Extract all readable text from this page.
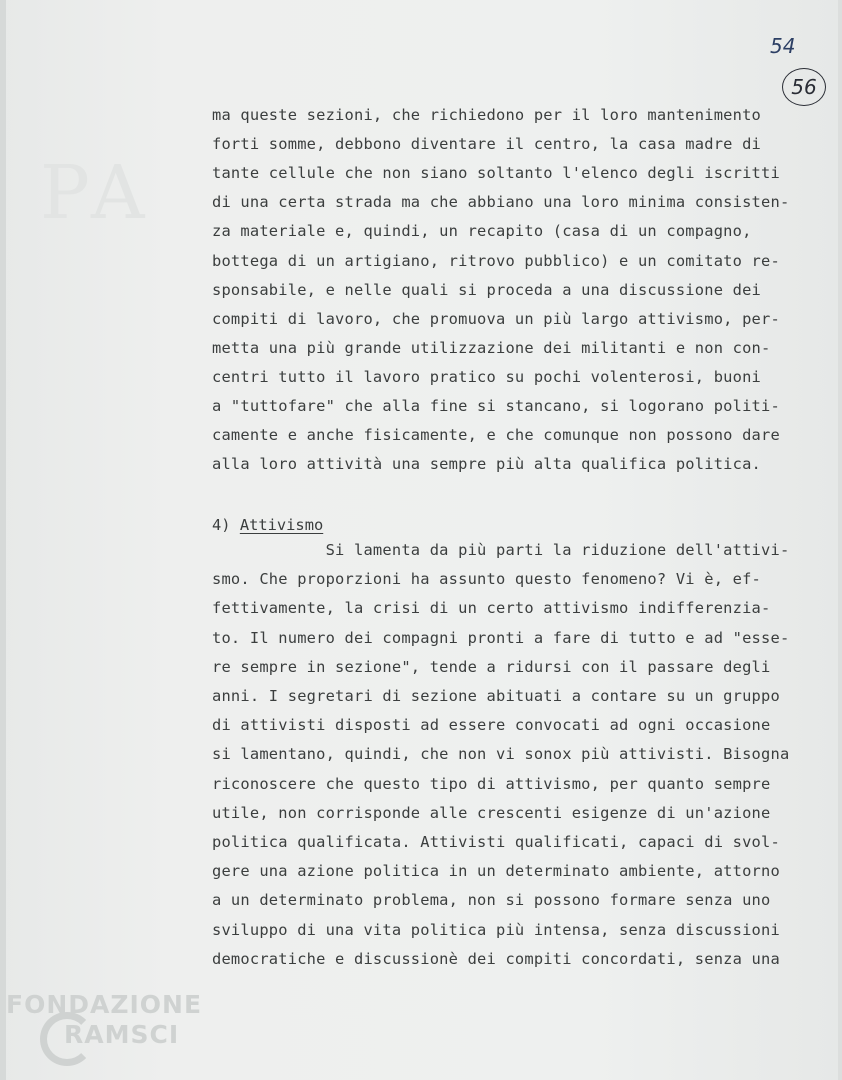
PA
54
56
ma queste sezioni, che richiedono per il loro mantenimento
forti somme, debbono diventare il centro, la casa madre di
tante cellule che non siano soltanto l'elenco degli iscritti
di una certa strada ma che abbiano una loro minima consisten-
za materiale e, quindi, un recapito (casa di un compagno,
bottega di un artigiano, ritrovo pubblico) e un comitato re-
sponsabile, e nelle quali si proceda a una discussione dei
compiti di lavoro, che promuova un più largo attivismo, per-
metta una più grande utilizzazione dei militanti e non con-
centri tutto il lavoro pratico su pochi volenterosi, buoni
a "tuttofare" che alla fine si stancano, si logorano politi-
camente e anche fisicamente, e che comunque non possono dare
alla loro attività una sempre più alta qualifica politica.
4) Attivismo
Si lamenta da più parti la riduzione dell'attivi-
smo. Che proporzioni ha assunto questo fenomeno? Vi è, ef-
fettivamente, la crisi di un certo attivismo indifferenzia-
to. Il numero dei compagni pronti a fare di tutto e ad "esse-
re sempre in sezione", tende a ridursi con il passare degli
anni. I segretari di sezione abituati a contare su un gruppo
di attivisti disposti ad essere convocati ad ogni occasione
si lamentano, quindi, che non vi sonox più attivisti. Bisogna
riconoscere che questo tipo di attivismo, per quanto sempre
utile, non corrisponde alle crescenti esigenze di un'azione
politica qualificata. Attivisti qualificati, capaci di svol-
gere una azione politica in un determinato ambiente, attorno
a un determinato problema, non si possono formare senza uno
sviluppo di una vita politica più intensa, senza discussioni
democratiche e discussionè dei compiti concordati, senza una
FONDAZIONE
RAMSCI
